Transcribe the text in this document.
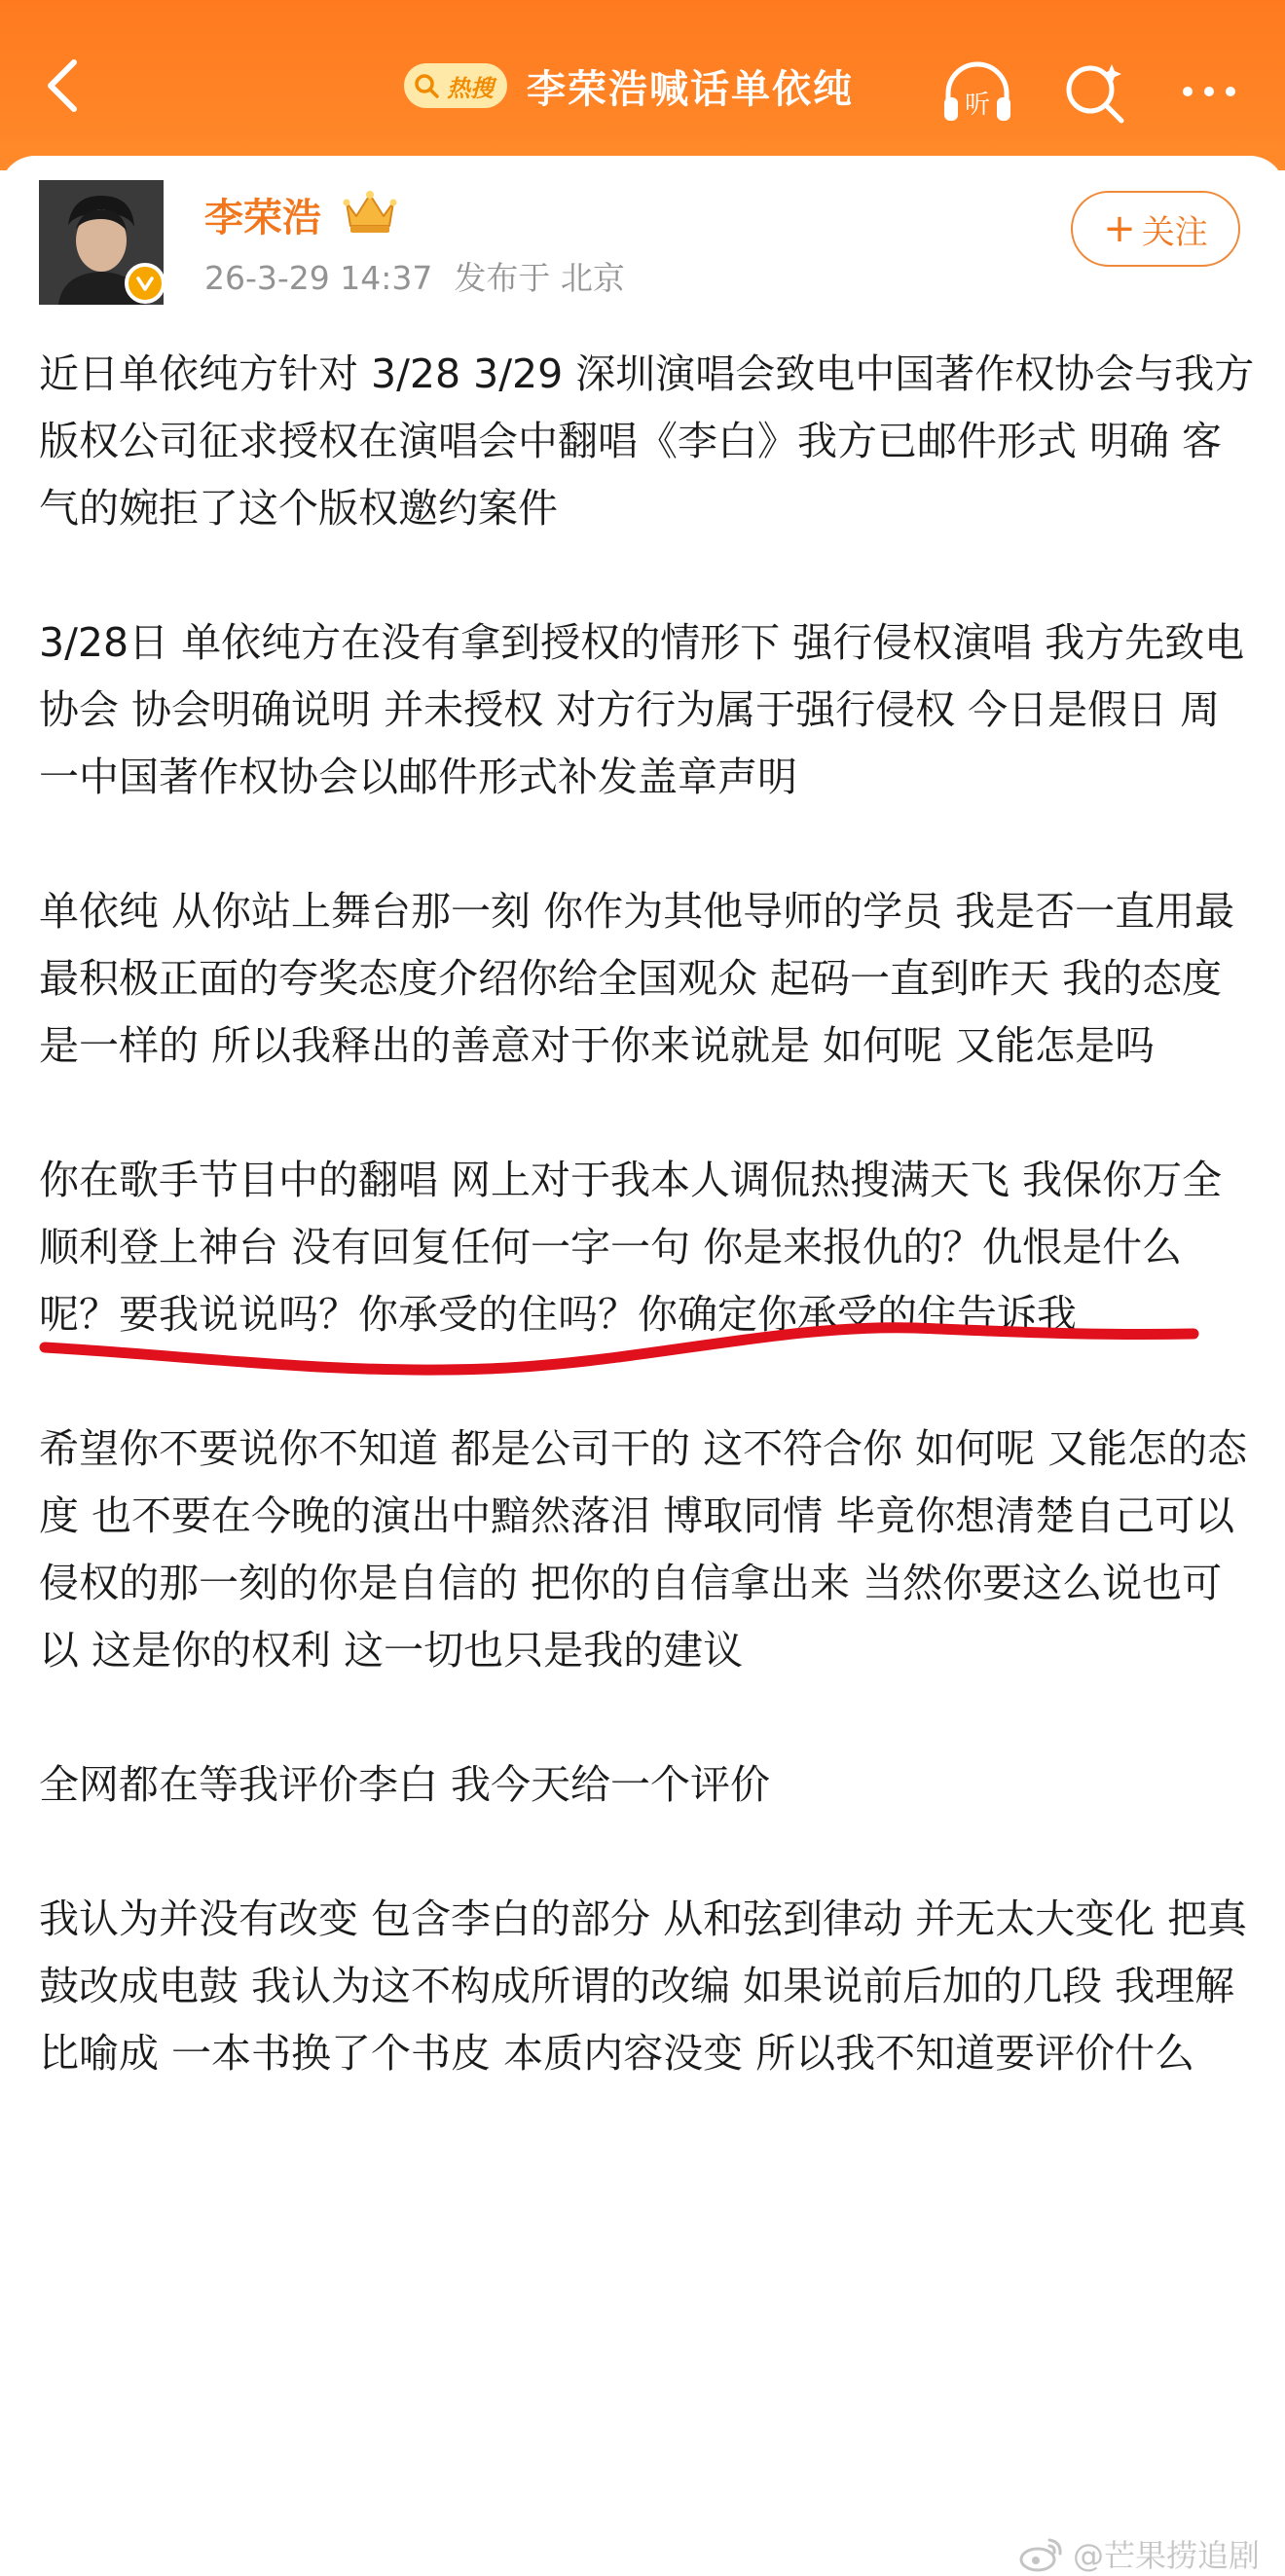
热搜 李荣浩喊话单依纯	听
李荣浩
26-3-29 14:37 发布于 北京
+ 关注

近日单依纯方针对 3/28 3/29 深圳演唱会致电中国著作权协会与我方版权公司征求授权在演唱会中翻唱《李白》我方已邮件形式 明确 客气的婉拒了这个版权邀约案件

3/28日 单依纯方在没有拿到授权的情形下 强行侵权演唱 我方先致电协会 协会明确说明 并未授权 对方行为属于强行侵权 今日是假日 周一中国著作权协会以邮件形式补发盖章声明

单依纯 从你站上舞台那一刻 你作为其他导师的学员 我是否一直用最最积极正面的夸奖态度介绍你给全国观众 起码一直到昨天 我的态度是一样的 所以我释出的善意对于你来说就是 如何呢 又能怎是吗

你在歌手节目中的翻唱 网上对于我本人调侃热搜满天飞 我保你万全 顺利登上神台 没有回复任何一字一句 你是来报仇的？仇恨是什么呢？要我说说吗？你承受的住吗？你确定你承受的住告诉我

希望你不要说你不知道 都是公司干的 这不符合你 如何呢 又能怎的态度 也不要在今晚的演出中黯然落泪 博取同情 毕竟你想清楚自己可以侵权的那一刻的你是自信的 把你的自信拿出来 当然你要这么说也可以 这是你的权利 这一切也只是我的建议

全网都在等我评价李白 我今天给一个评价

我认为并没有改变 包含李白的部分 从和弦到律动 并无太大变化 把真鼓改成电鼓 我认为这不构成所谓的改编 如果说前后加的几段 我理解比喻成 一本书换了个书皮 本质内容没变 所以我不知道要评价什么

@芒果捞追剧
